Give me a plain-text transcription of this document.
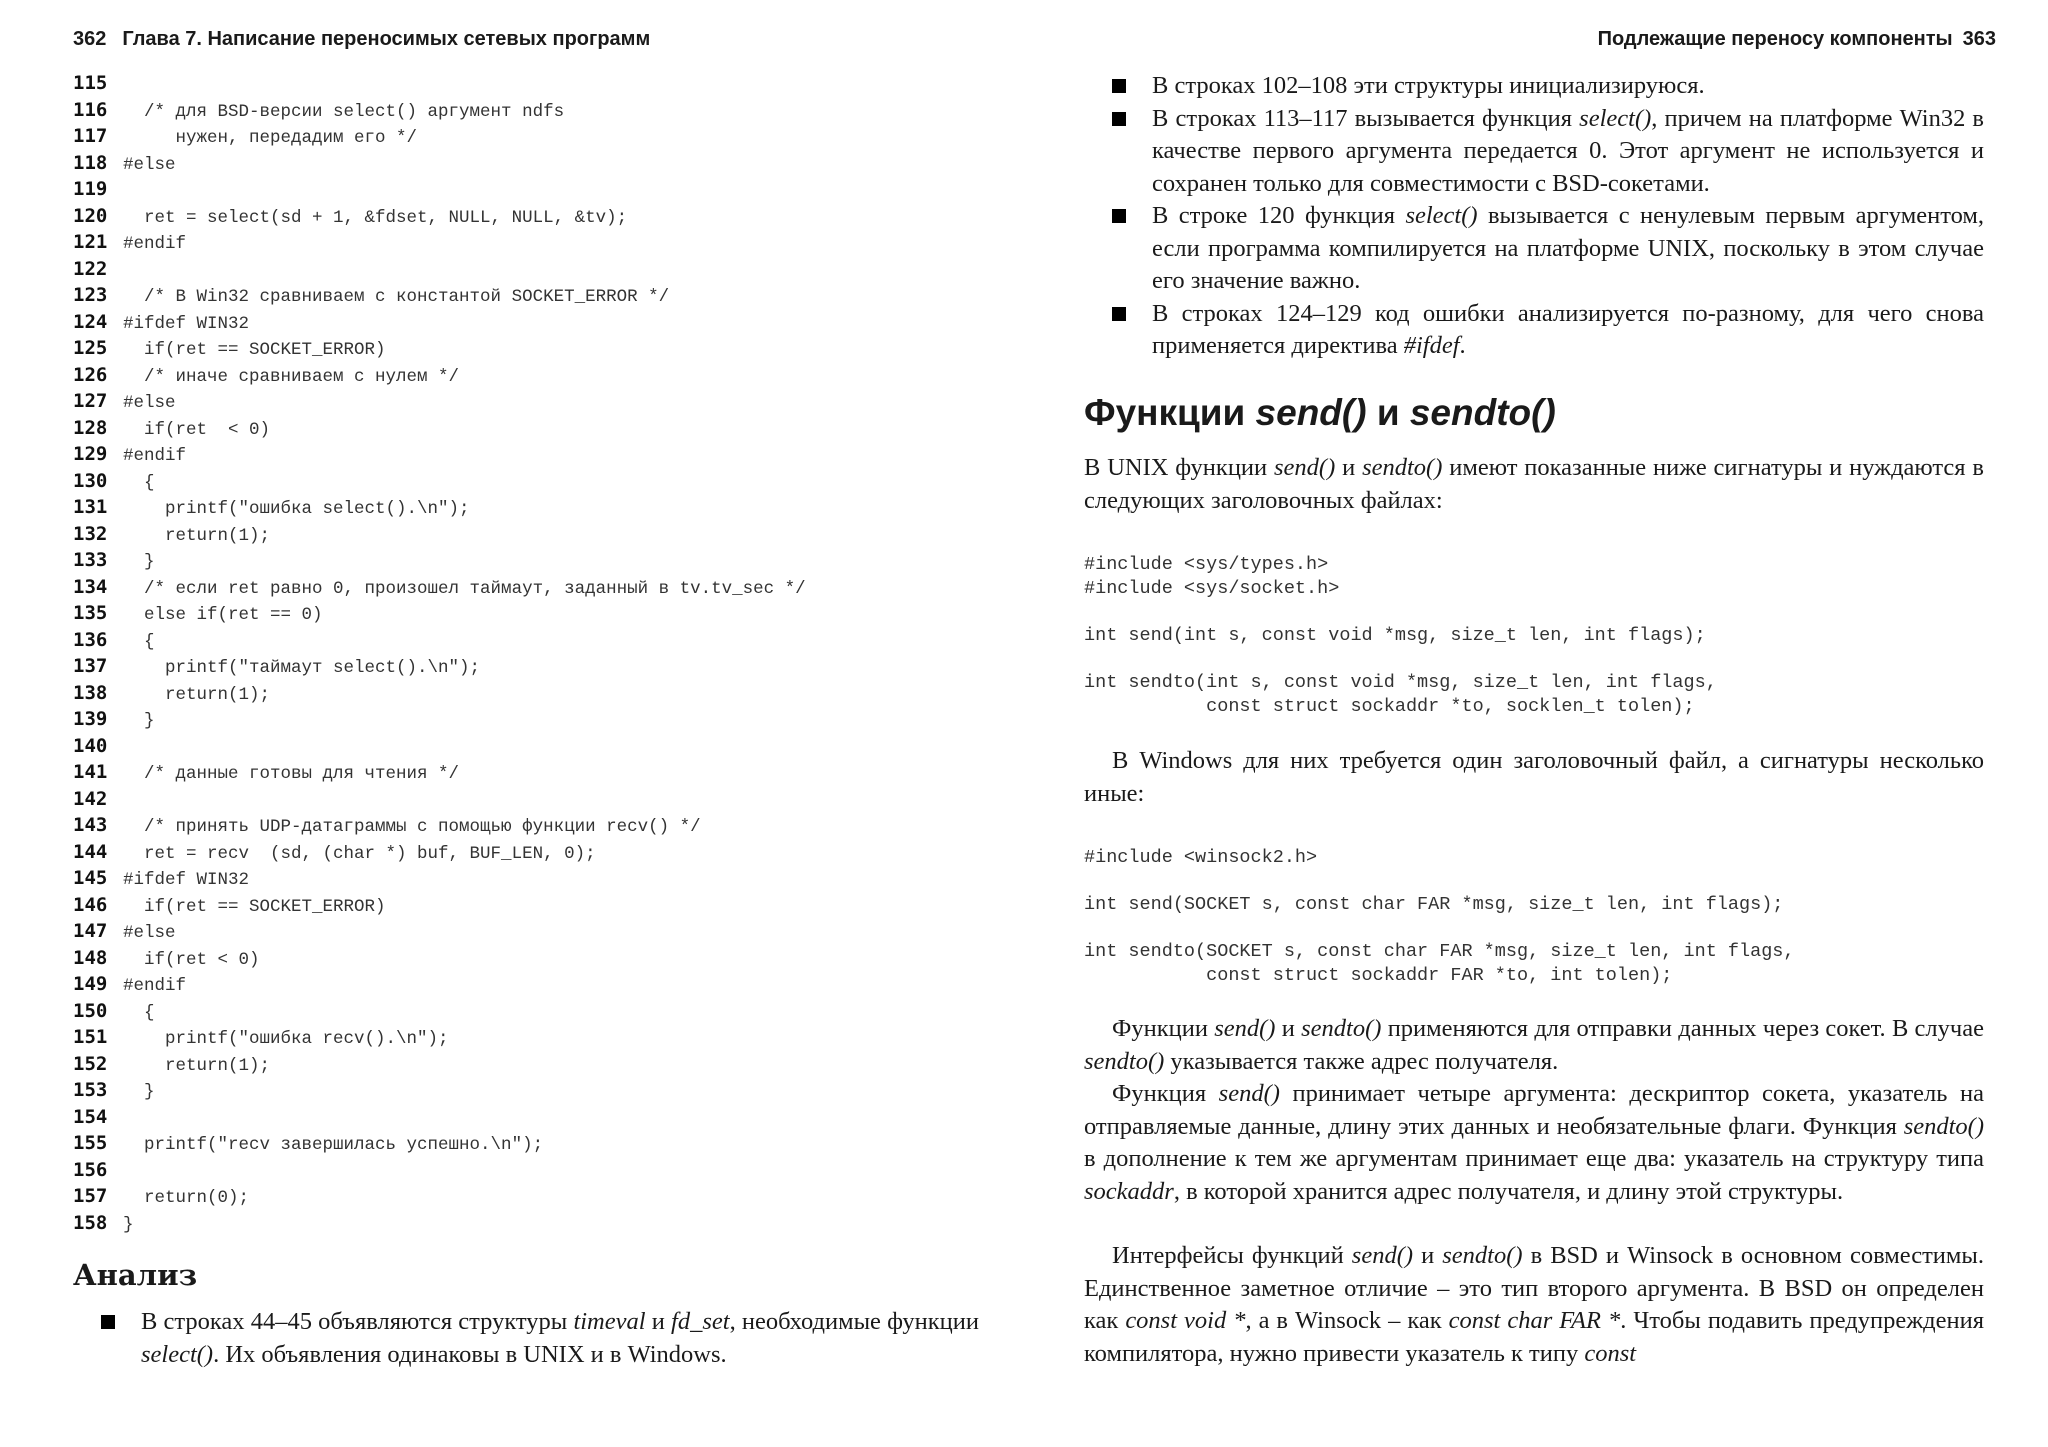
362 Глава 7. Написание переносимых сетевых программ
115
116  /* для BSD-версии select() аргумент ndfs
117     нужен, передадим его */
118 #else
119
120  ret = select(sd + 1, &fdset, NULL, NULL, &tv);
121 #endif
122
123  /* В Win32 сравниваем с константой SOCKET_ERROR */
124 #ifdef WIN32
125  if(ret == SOCKET_ERROR)
126  /* иначе сравниваем с нулем */
127 #else
128  if(ret  < 0)
129 #endif
130  {
131    printf("ошибка select().\n");
132    return(1);
133  }
134  /* если ret равно 0, произошел таймаут, заданный в tv.tv_sec */
135  else if(ret == 0)
136  {
137    printf("таймаут select().\n");
138    return(1);
139  }
140
141  /* данные готовы для чтения */
142
143  /* принять UDP-датаграммы с помощью функции recv() */
144  ret = recv  (sd, (char *) buf, BUF_LEN, 0);
145 #ifdef WIN32
146  if(ret == SOCKET_ERROR)
147 #else
148  if(ret < 0)
149 #endif
150  {
151    printf("ошибка recv().\n");
152    return(1);
153  }
154
155  printf("recv завершилась успешно.\n");
156
157  return(0);
158 }
Анализ
В строках 44–45 объявляются структуры timeval и fd_set, необходимые функции select(). Их объявления одинаковы в UNIX и в Windows.
Подлежащие переносу компоненты 363
В строках 102–108 эти структуры инициализируюся.
В строках 113–117 вызывается функция select(), причем на платформе Win32 в качестве первого аргумента передается 0. Этот аргумент не используется и сохранен только для совместимости с BSD-сокетами.
В строке 120 функция select() вызывается с ненулевым первым аргументом, если программа компилируется на платформе UNIX, поскольку в этом случае его значение важно.
В строках 124–129 код ошибки анализируется по-разному, для чего снова применяется директива #ifdef.
Функции send() и sendto()

В UNIX функции send() и sendto() имеют показанные ниже сигнатуры и нуждаются в следующих заголовочных файлах:

#include <sys/types.h>
#include <sys/socket.h>
int send(int s, const void *msg, size_t len, int flags);
int sendto(int s, const void *msg, size_t len, int flags,
const struct sockaddr *to, socklen_t tolen);

В Windows для них требуется один заголовочный файл, а сигнатуры несколько иные:

#include <winsock2.h>
int send(SOCKET s, const char FAR *msg, size_t len, int flags);
int sendto(SOCKET s, const char FAR *msg, size_t len, int flags,
const struct sockaddr FAR *to, int tolen);

Функции send() и sendto() применяются для отправки данных через сокет. В случае sendto() указывается также адрес получателя.

Функция send() принимает четыре аргумента: дескриптор сокета, указатель на отправляемые данные, длину этих данных и необязательные флаги. Функция sendto() в дополнение к тем же аргументам принимает еще два: указатель на структуру типа sockaddr, в которой хранится адрес получателя, и длину этой структуры.

Интерфейсы функций send() и sendto() в BSD и Winsock в основном совместимы. Единственное заметное отличие – это тип второго аргумента. В BSD он определен как const void *, а в Winsock – как const char FAR *. Чтобы подавить предупреждения компилятора, нужно привести указатель к типу const
